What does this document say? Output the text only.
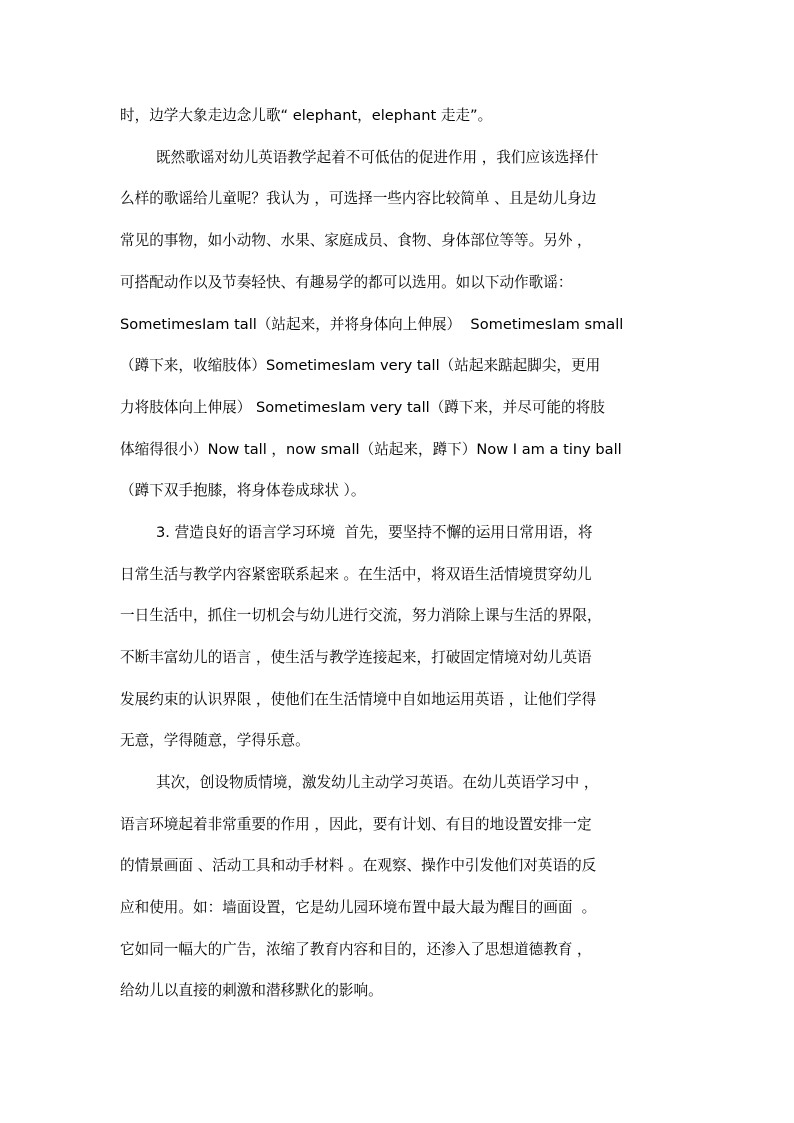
时，边学大象走边念儿歌“ elephant，elephant 走走”。

既然歌谣对幼儿英语教学起着不可低估的促进作用 ，我们应该选择什

么样的歌谣给儿童呢？我认为 ，可选择一些内容比较简单 、且是幼儿身边

常见的事物，如小动物、水果、家庭成员、食物、身体部位等等。另外 ，

可搭配动作以及节奏轻快、有趣易学的都可以选用。如以下动作歌谣：

SometimesIam tall（站起来，并将身体向上伸展）  SometimesIam small

（蹲下来，收缩肢体）SometimesIam very tall（站起来踮起脚尖，更用

力将肢体向上伸展） SometimesIam very tall（蹲下来，并尽可能的将肢

体缩得很小）Now tall ，now small（站起来，蹲下）Now I am a tiny ball

（蹲下双手抱膝，将身体卷成球状 ）。

3. 营造良好的语言学习环境  首先，要坚持不懈的运用日常用语，将

日常生活与教学内容紧密联系起来 。在生活中，将双语生活情境贯穿幼儿

一日生活中，抓住一切机会与幼儿进行交流，努力消除上课与生活的界限，

不断丰富幼儿的语言 ，使生活与教学连接起来，打破固定情境对幼儿英语

发展约束的认识界限 ，使他们在生活情境中自如地运用英语 ，让他们学得

无意，学得随意，学得乐意。

其次，创设物质情境，激发幼儿主动学习英语。在幼儿英语学习中 ，

语言环境起着非常重要的作用 ，因此，要有计划、有目的地设置安排一定

的情景画面 、活动工具和动手材料 。在观察、操作中引发他们对英语的反

应和使用。如：墙面设置，它是幼儿园环境布置中最大最为醒目的画面  。

它如同一幅大的广告，浓缩了教育内容和目的，还渗入了思想道德教育 ，

给幼儿以直接的刺激和潜移默化的影响。
